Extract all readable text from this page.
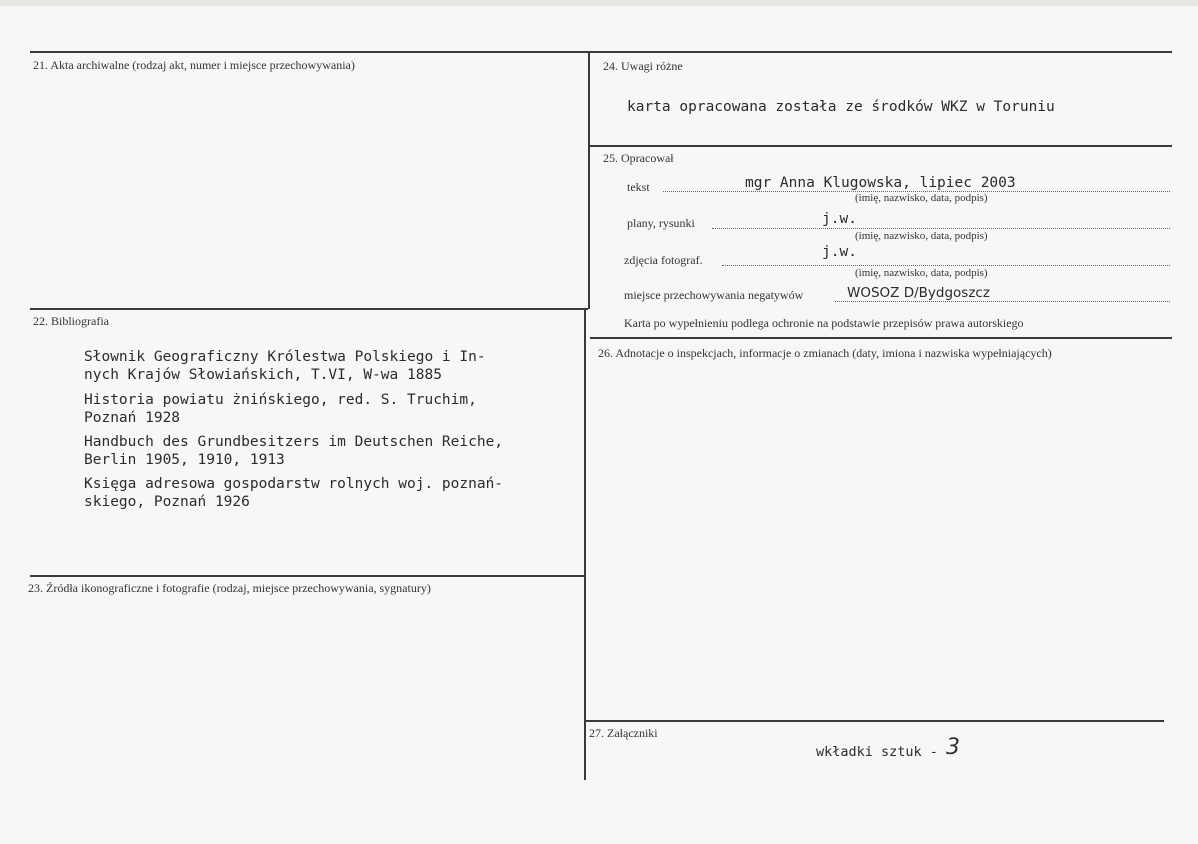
21. Akta archiwalne (rodzaj akt, numer i miejsce przechowywania)
22. Bibliografia
Słownik Geograficzny Królestwa Polskiego i In-
nych Krajów Słowiańskich, T.VI, W-wa 1885
Historia powiatu żnińskiego, red. S. Truchim,
Poznań 1928
Handbuch des Grundbesitzers im Deutschen Reiche,
Berlin 1905, 1910, 1913
Księga adresowa gospodarstw rolnych woj. poznań-
skiego, Poznań 1926
23. Źródła ikonograficzne i fotografie (rodzaj, miejsce przechowywania, sygnatury)
24. Uwagi różne
karta opracowana została ze środków WKZ w Toruniu
25. Opracował
tekst	mgr Anna Klugowska, lipiec 2003
(imię, nazwisko, data, podpis)
plany, rysunki	j.w.
(imię, nazwisko, data, podpis)
zdjęcia fotograf.	j.w.
(imię, nazwisko, data, podpis)
miejsce przechowywania negatywów	WOSOZ D/Bydgoszcz
Karta po wypełnieniu podlega ochronie na podstawie przepisów prawa autorskiego
26. Adnotacje o inspekcjach, informacje o zmianach (daty, imiona i nazwiska wypełniających)
27. Załączniki
wkładki sztuk - 3
